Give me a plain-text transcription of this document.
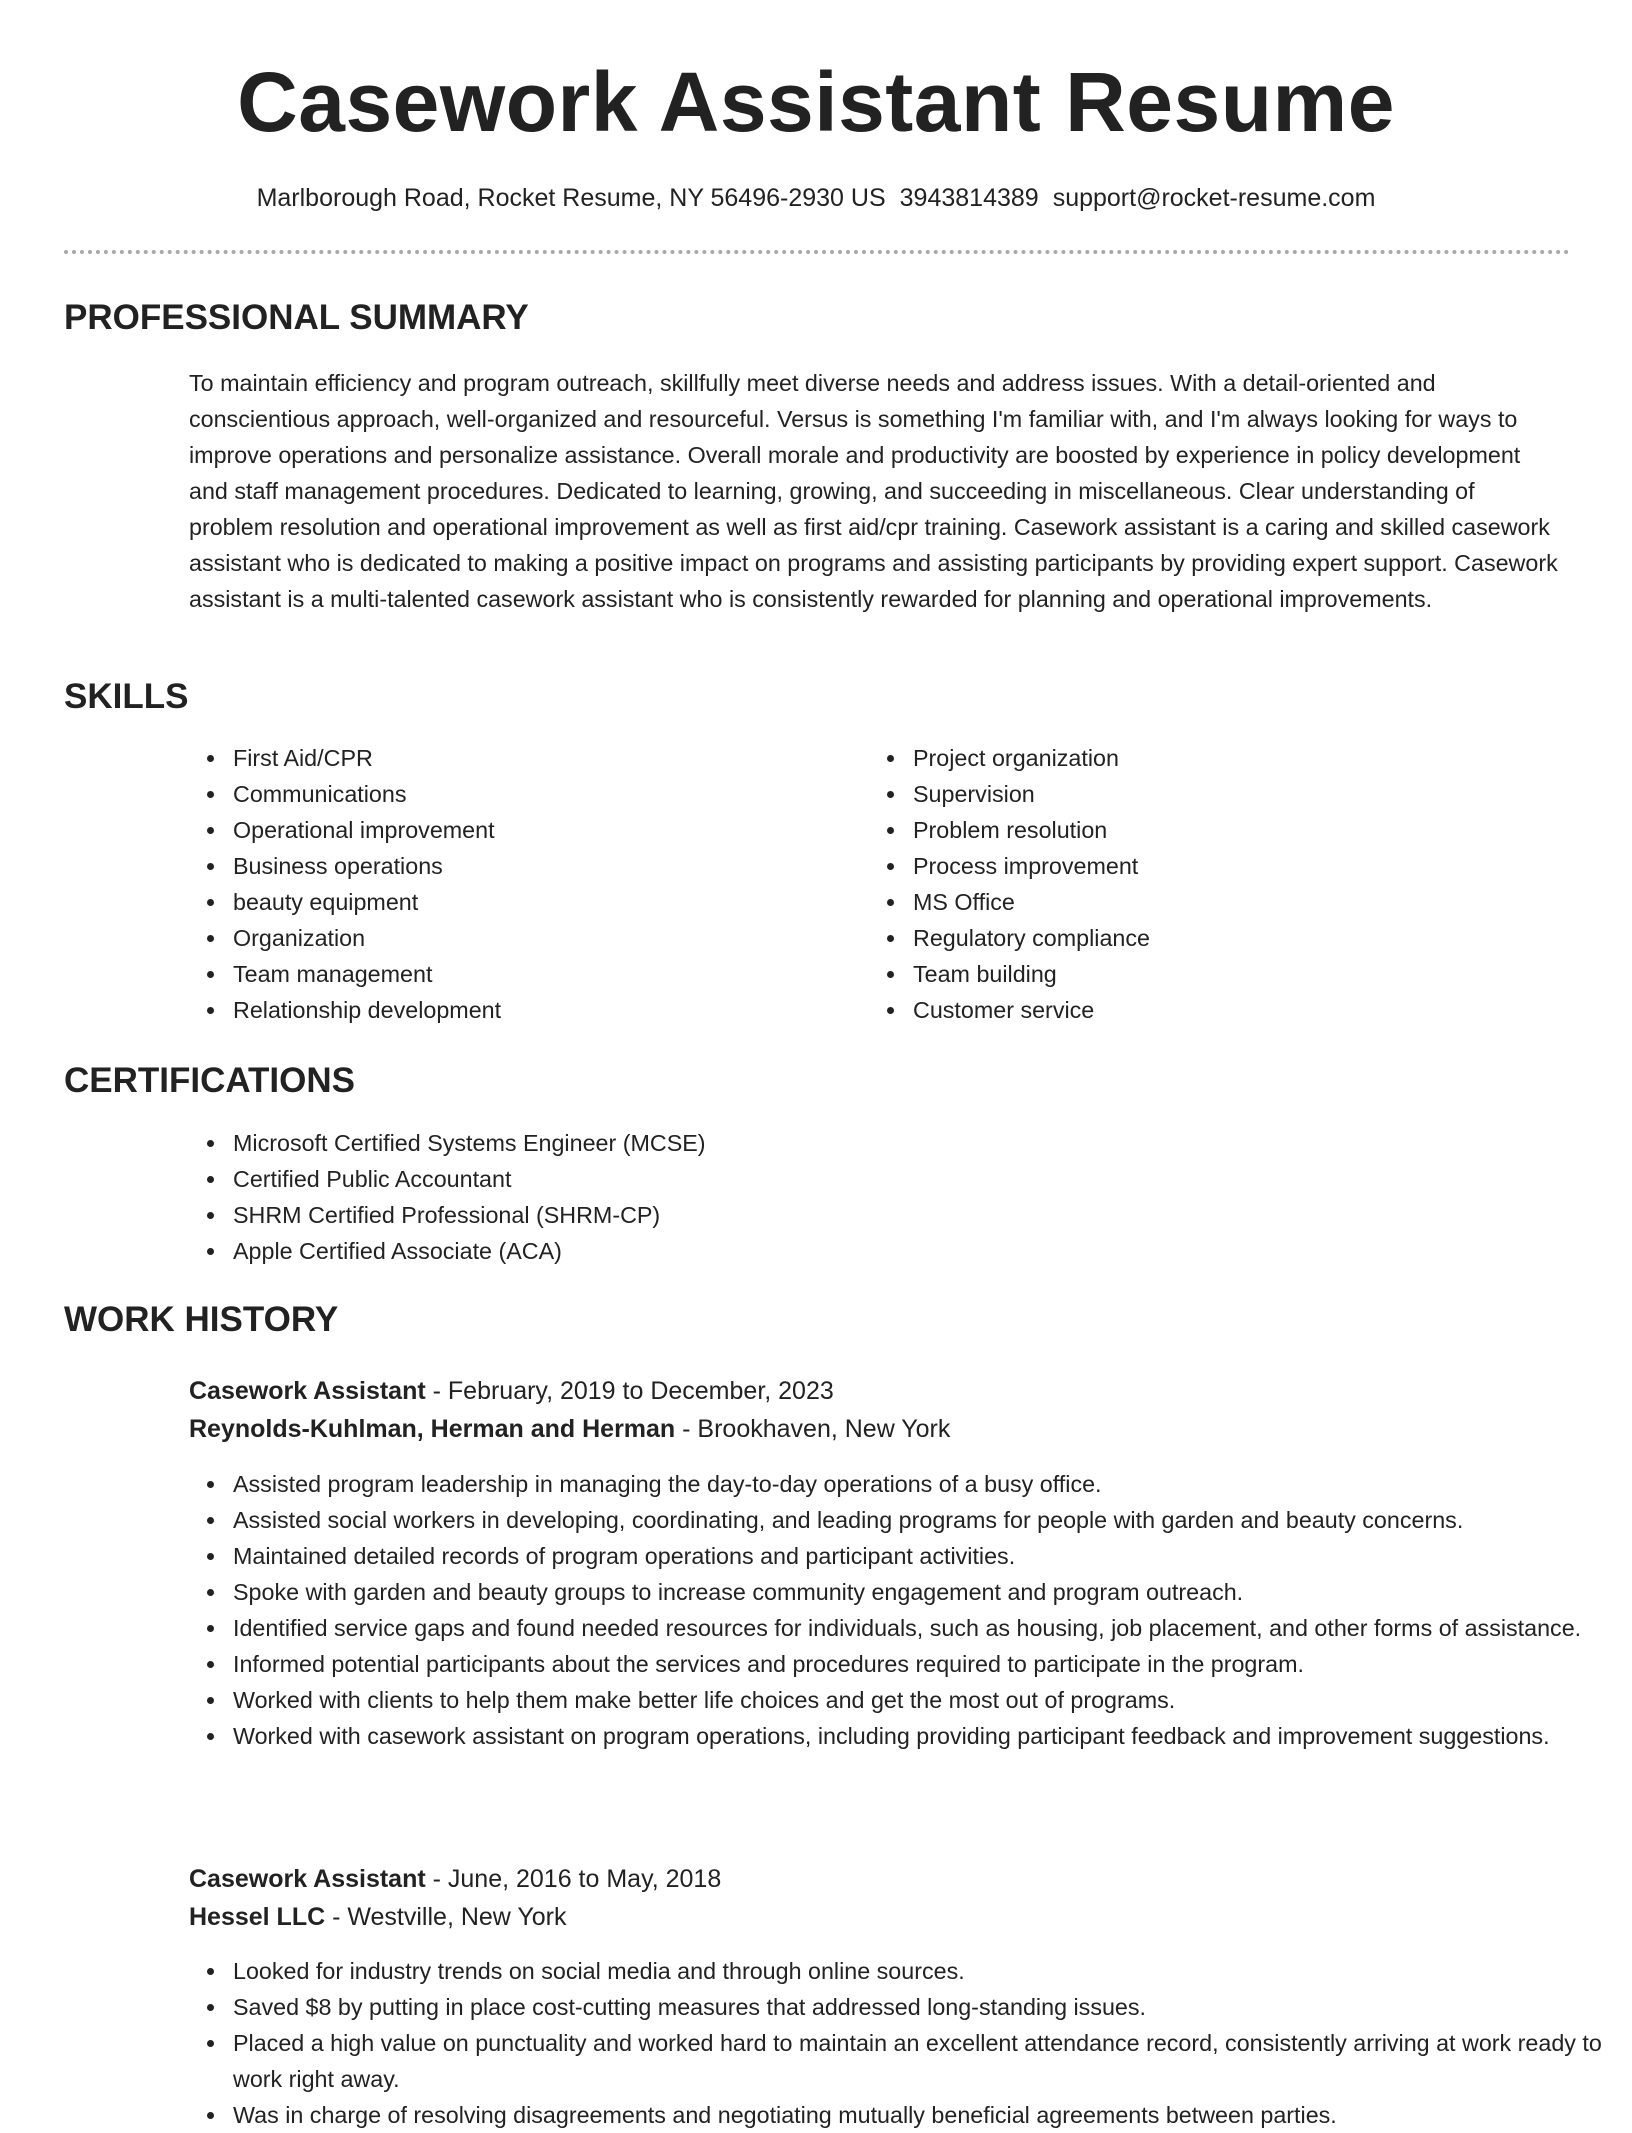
Casework Assistant Resume
Marlborough Road, Rocket Resume, NY 56496-2930 US 3943814389 support@rocket-resume.com
PROFESSIONAL SUMMARY

To maintain efficiency and program outreach, skillfully meet diverse needs and address issues. With a detail-oriented and conscientious approach, well-organized and resourceful. Versus is something I'm familiar with, and I'm always looking for ways to improve operations and personalize assistance. Overall morale and productivity are boosted by experience in policy development and staff management procedures. Dedicated to learning, growing, and succeeding in miscellaneous. Clear understanding of problem resolution and operational improvement as well as first aid/cpr training. Casework assistant is a caring and skilled casework assistant who is dedicated to making a positive impact on programs and assisting participants by providing expert support. Casework assistant is a multi-talented casework assistant who is consistently rewarded for planning and operational improvements.

SKILLS
First Aid/CPR
Communications
Operational improvement
Business operations
beauty equipment
Organization
Team management
Relationship development
Project organization
Supervision
Problem resolution
Process improvement
MS Office
Regulatory compliance
Team building
Customer service
CERTIFICATIONS
Microsoft Certified Systems Engineer (MCSE)
Certified Public Accountant
SHRM Certified Professional (SHRM-CP)
Apple Certified Associate (ACA)
WORK HISTORY
Casework Assistant - February, 2019 to December, 2023
Reynolds-Kuhlman, Herman and Herman - Brookhaven, New York
Assisted program leadership in managing the day-to-day operations of a busy office.
Assisted social workers in developing, coordinating, and leading programs for people with garden and beauty concerns.
Maintained detailed records of program operations and participant activities.
Spoke with garden and beauty groups to increase community engagement and program outreach.
Identified service gaps and found needed resources for individuals, such as housing, job placement, and other forms of assistance.
Informed potential participants about the services and procedures required to participate in the program.
Worked with clients to help them make better life choices and get the most out of programs.
Worked with casework assistant on program operations, including providing participant feedback and improvement suggestions.
Casework Assistant - June, 2016 to May, 2018
Hessel LLC - Westville, New York
Looked for industry trends on social media and through online sources.
Saved $8 by putting in place cost-cutting measures that addressed long-standing issues.
Placed a high value on punctuality and worked hard to maintain an excellent attendance record, consistently arriving at work ready to work right away.
Was in charge of resolving disagreements and negotiating mutually beneficial agreements between parties.
